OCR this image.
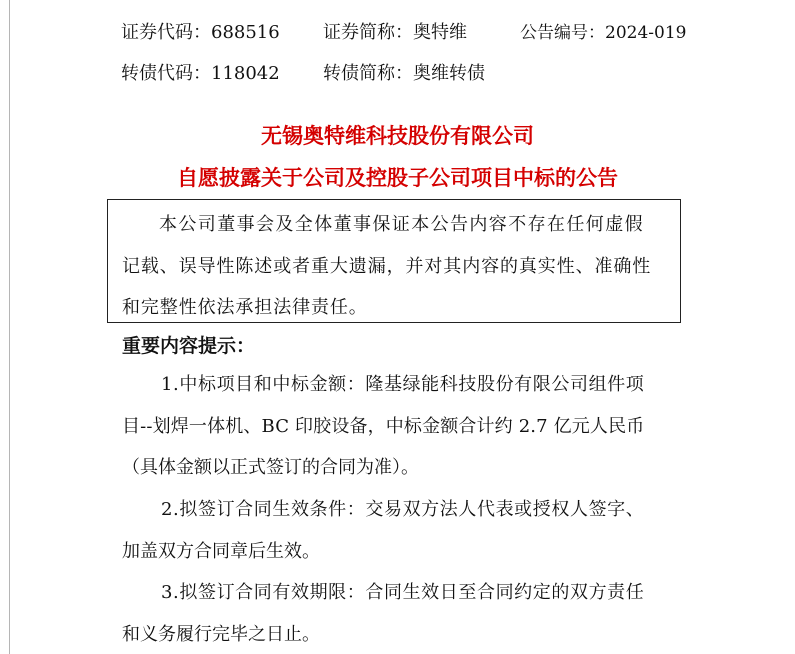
证券代码：688516 证券简称：奥特维	公告编号：2024-019
转债代码：118042 转债简称：奥维转债
无锡奥特维科技股份有限公司
自愿披露关于公司及控股子公司项目中标的公告
本公司董事会及全体董事保证本公告内容不存在任何虚假
记载、误导性陈述或者重大遗漏，并对其内容的真实性、准确性
和完整性依法承担法律责任。
重要内容提示：
1.中标项目和中标金额：隆基绿能科技股份有限公司组件项
目--划焊一体机、BC 印胶设备，中标金额合计约 2.7 亿元人民币
（具体金额以正式签订的合同为准）。
2.拟签订合同生效条件：交易双方法人代表或授权人签字、
加盖双方合同章后生效。
3.拟签订合同有效期限：合同生效日至合同约定的双方责任
和义务履行完毕之日止。
